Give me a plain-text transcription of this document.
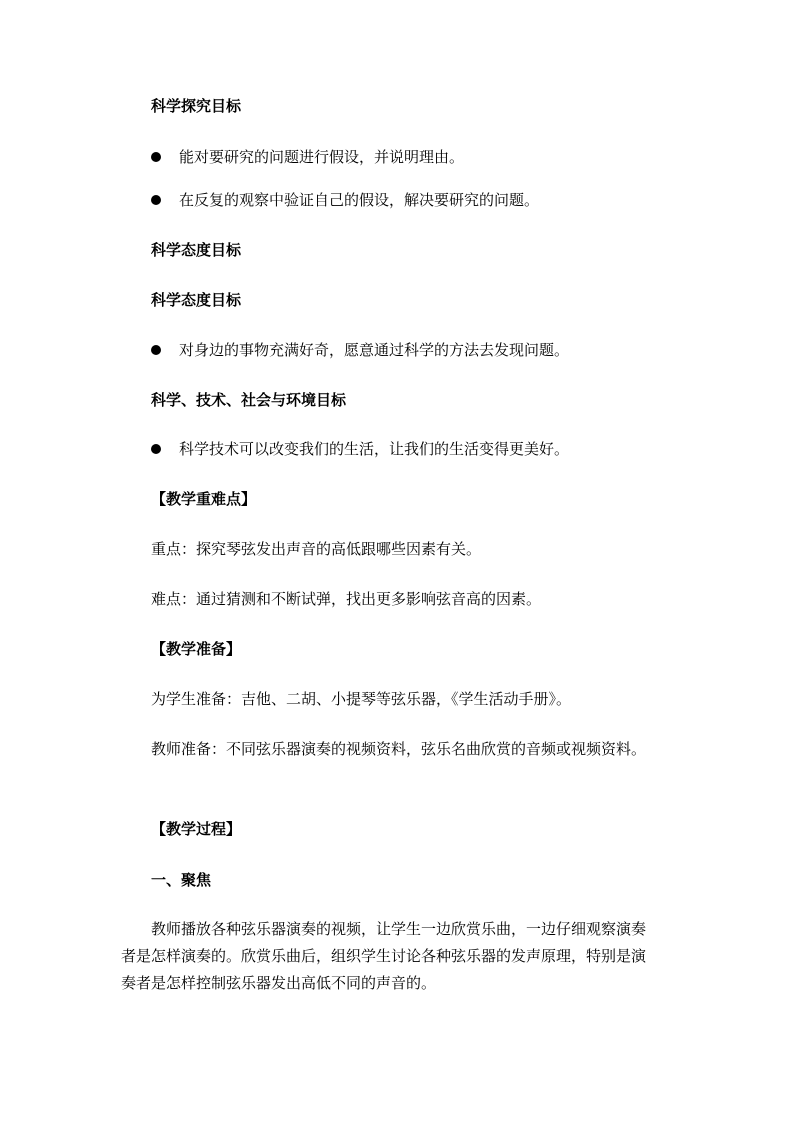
科学探究目标
能对要研究的问题进行假设，并说明理由。
在反复的观察中验证自己的假设，解决要研究的问题。
科学态度目标
科学态度目标
对身边的事物充满好奇，愿意通过科学的方法去发现问题。
科学、技术、社会与环境目标
科学技术可以改变我们的生活，让我们的生活变得更美好。
【教学重难点】
重点：探究琴弦发出声音的高低跟哪些因素有关。
难点：通过猜测和不断试弹，找出更多影响弦音高的因素。
【教学准备】
为学生准备：吉他、二胡、小提琴等弦乐器，《学生活动手册》。
教师准备：不同弦乐器演奏的视频资料，弦乐名曲欣赏的音频或视频资料。
【教学过程】
一、聚焦
教师播放各种弦乐器演奏的视频，让学生一边欣赏乐曲，一边仔细观察演奏者是怎样演奏的。欣赏乐曲后，组织学生讨论各种弦乐器的发声原理，特别是演奏者是怎样控制弦乐器发出高低不同的声音的。
